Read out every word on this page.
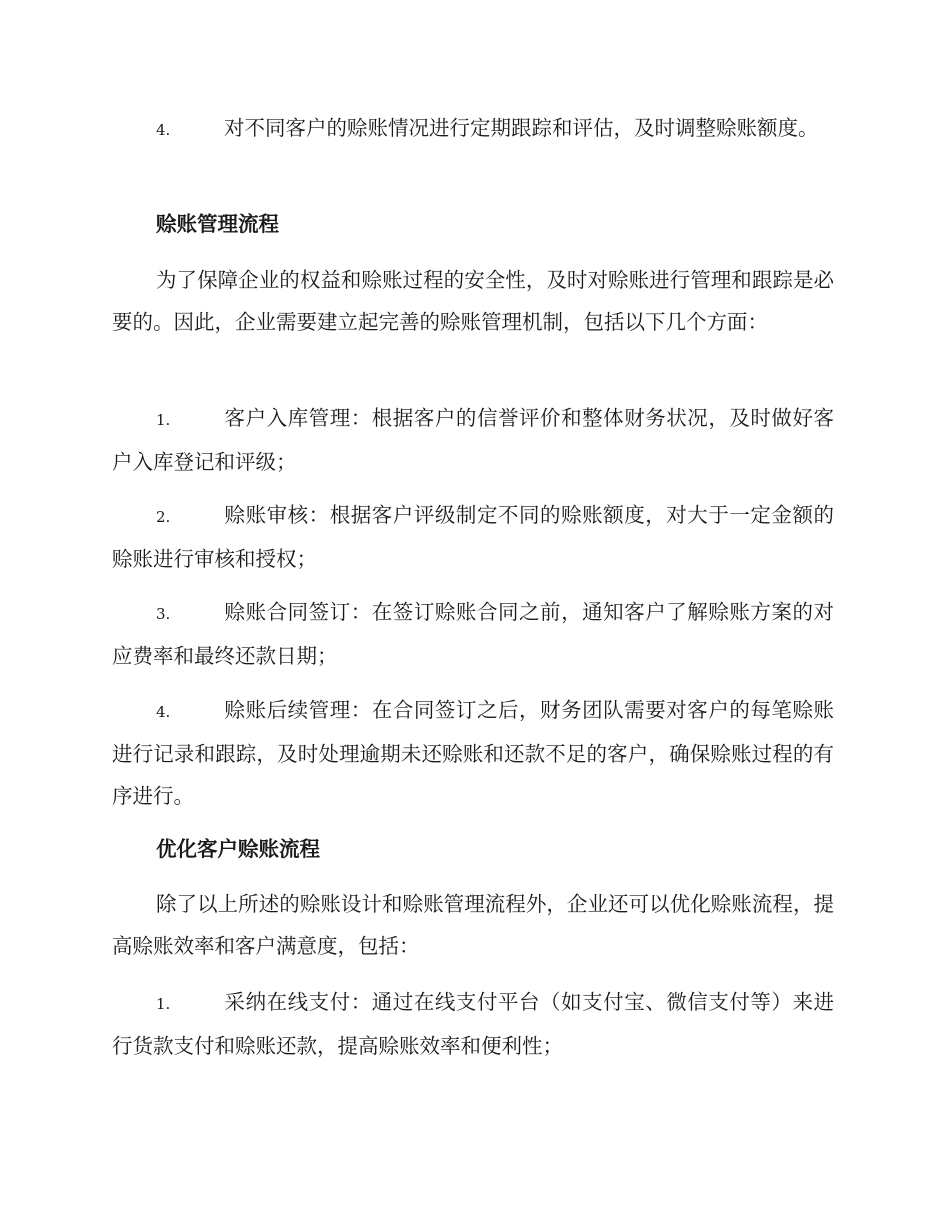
4.	对不同客户的赊账情况进行定期跟踪和评估，及时调整赊账额度。
赊账管理流程
为了保障企业的权益和赊账过程的安全性，及时对赊账进行管理和跟踪是必要的。因此，企业需要建立起完善的赊账管理机制，包括以下几个方面：
1.	客户入库管理：根据客户的信誉评价和整体财务状况，及时做好客户入库登记和评级；
2.	赊账审核：根据客户评级制定不同的赊账额度，对大于一定金额的赊账进行审核和授权；
3.	赊账合同签订：在签订赊账合同之前，通知客户了解赊账方案的对应费率和最终还款日期；
4.	赊账后续管理：在合同签订之后，财务团队需要对客户的每笔赊账进行记录和跟踪，及时处理逾期未还赊账和还款不足的客户，确保赊账过程的有序进行。
优化客户赊账流程
除了以上所述的赊账设计和赊账管理流程外，企业还可以优化赊账流程，提高赊账效率和客户满意度，包括：
1.	采纳在线支付：通过在线支付平台（如支付宝、微信支付等）来进行货款支付和赊账还款，提高赊账效率和便利性；
